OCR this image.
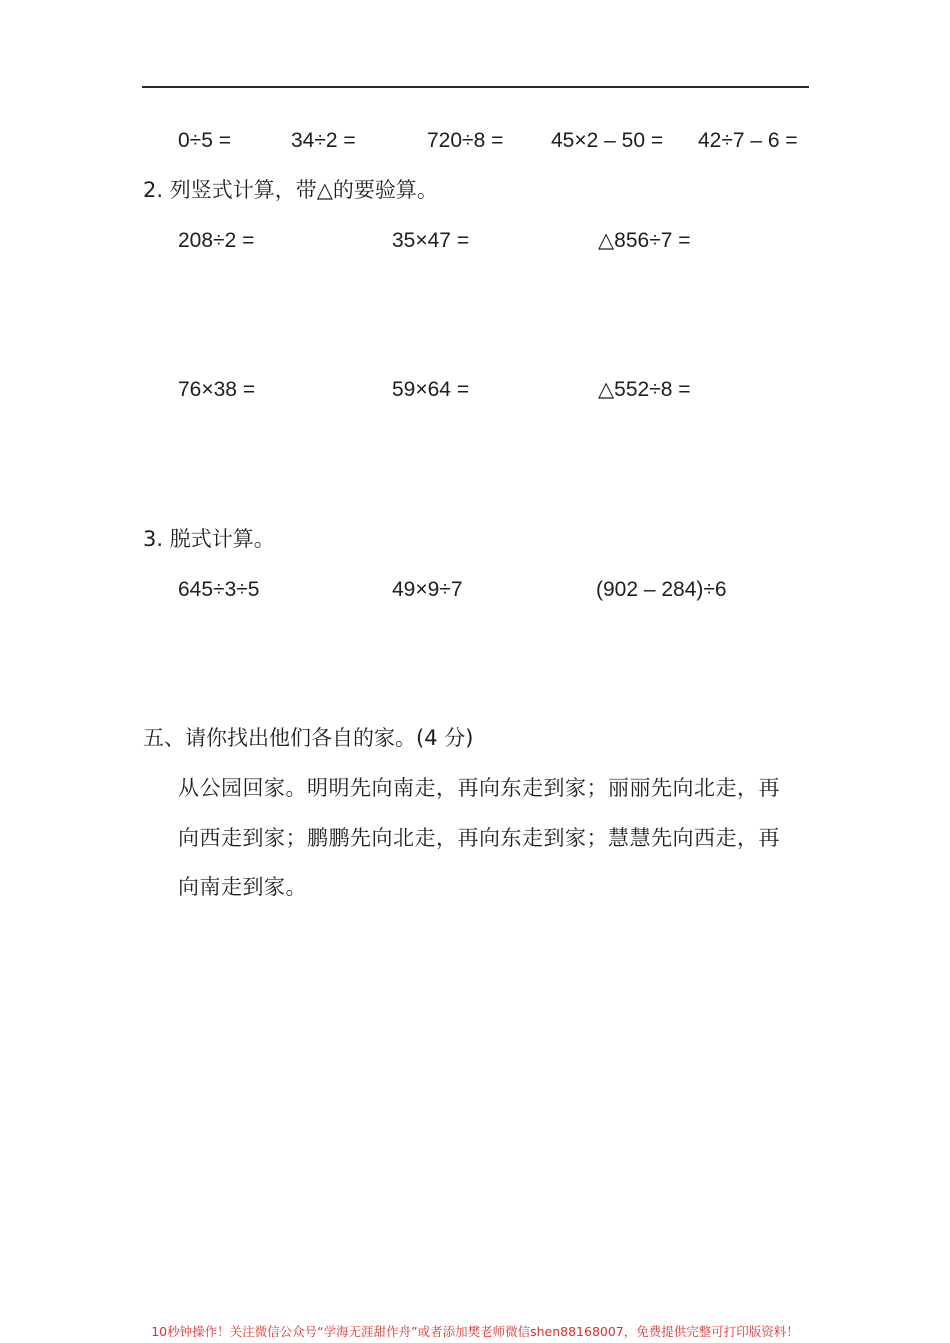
0÷5 =	34÷2 =	720÷8 = 45×2 – 50 = 42÷7 – 6 =
2. 列竖式计算，带△的要验算。
208÷2 =	35×47 =	△856÷7 =
76×38 =	59×64 =	△552÷8 =
3. 脱式计算。
645÷3÷5	49×9÷7	(902 – 284)÷6
五、请你找出他们各自的家。(4 分)
从公园回家。明明先向南走，再向东走到家；丽丽先向北走，再
向西走到家；鹏鹏先向北走，再向东走到家；慧慧先向西走，再
向南走到家。
10秒钟操作！关注微信公众号“学海无涯甜作舟”或者添加樊老师微信shen88168007，免费提供完整可打印版资料！
